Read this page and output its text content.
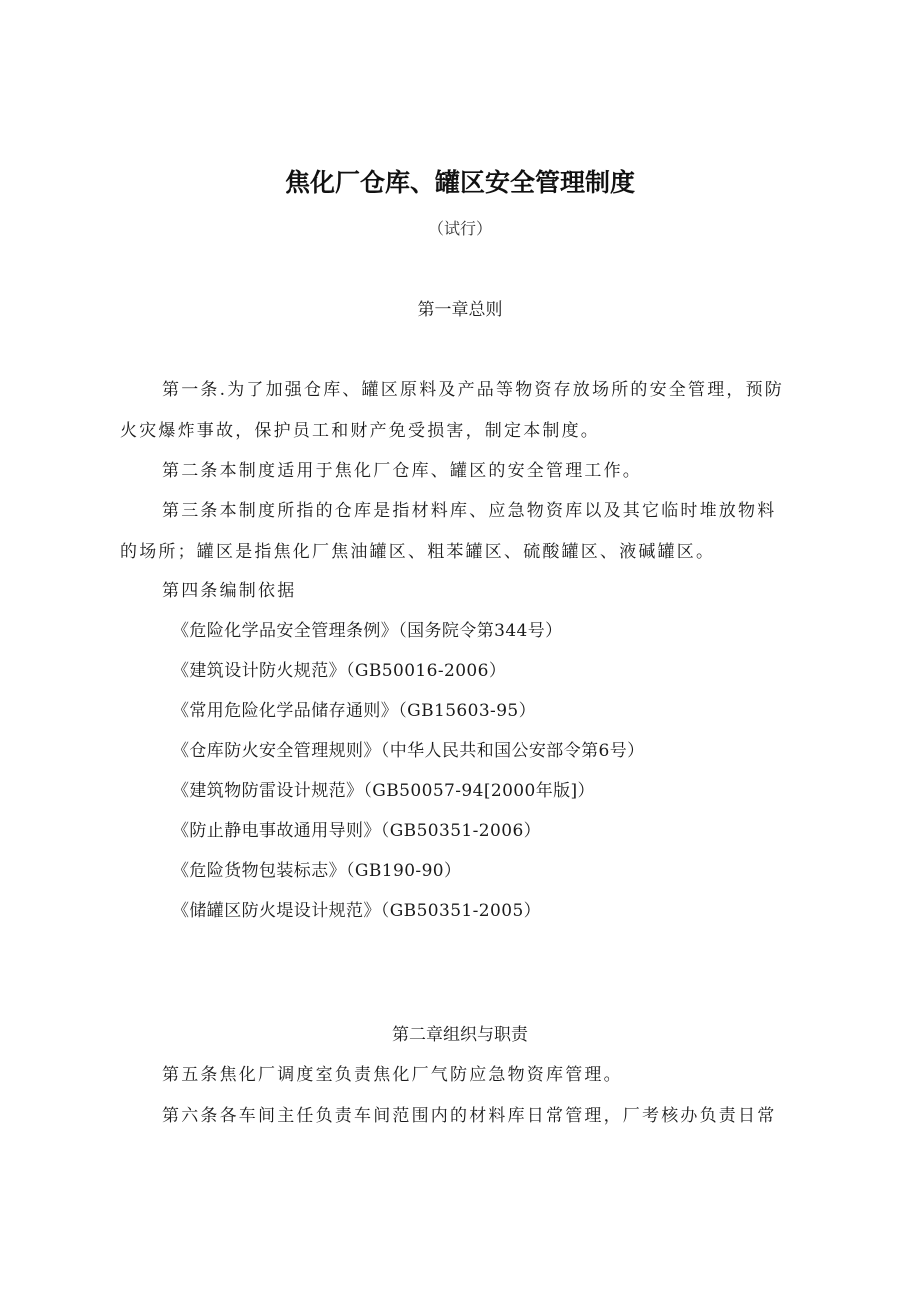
焦化厂仓库、罐区安全管理制度
（试行）
第一章总则
第一条.为了加强仓库、罐区原料及产品等物资存放场所的安全管理，预防
火灾爆炸事故，保护员工和财产免受损害，制定本制度。
第二条本制度适用于焦化厂仓库、罐区的安全管理工作。
第三条本制度所指的仓库是指材料库、应急物资库以及其它临时堆放物料
的场所；罐区是指焦化厂焦油罐区、粗苯罐区、硫酸罐区、液碱罐区。
第四条编制依据
《危险化学品安全管理条例》（国务院令第344号）
《建筑设计防火规范》（GB50016-2006）
《常用危险化学品储存通则》（GB15603-95）
《仓库防火安全管理规则》（中华人民共和国公安部令第6号）
《建筑物防雷设计规范》（GB50057-94[2000年版]）
《防止静电事故通用导则》（GB50351-2006）
《危险货物包装标志》（GB190-90）
《储罐区防火堤设计规范》（GB50351-2005）
第二章组织与职责
第五条焦化厂调度室负责焦化厂气防应急物资库管理。
第六条各车间主任负责车间范围内的材料库日常管理，厂考核办负责日常
